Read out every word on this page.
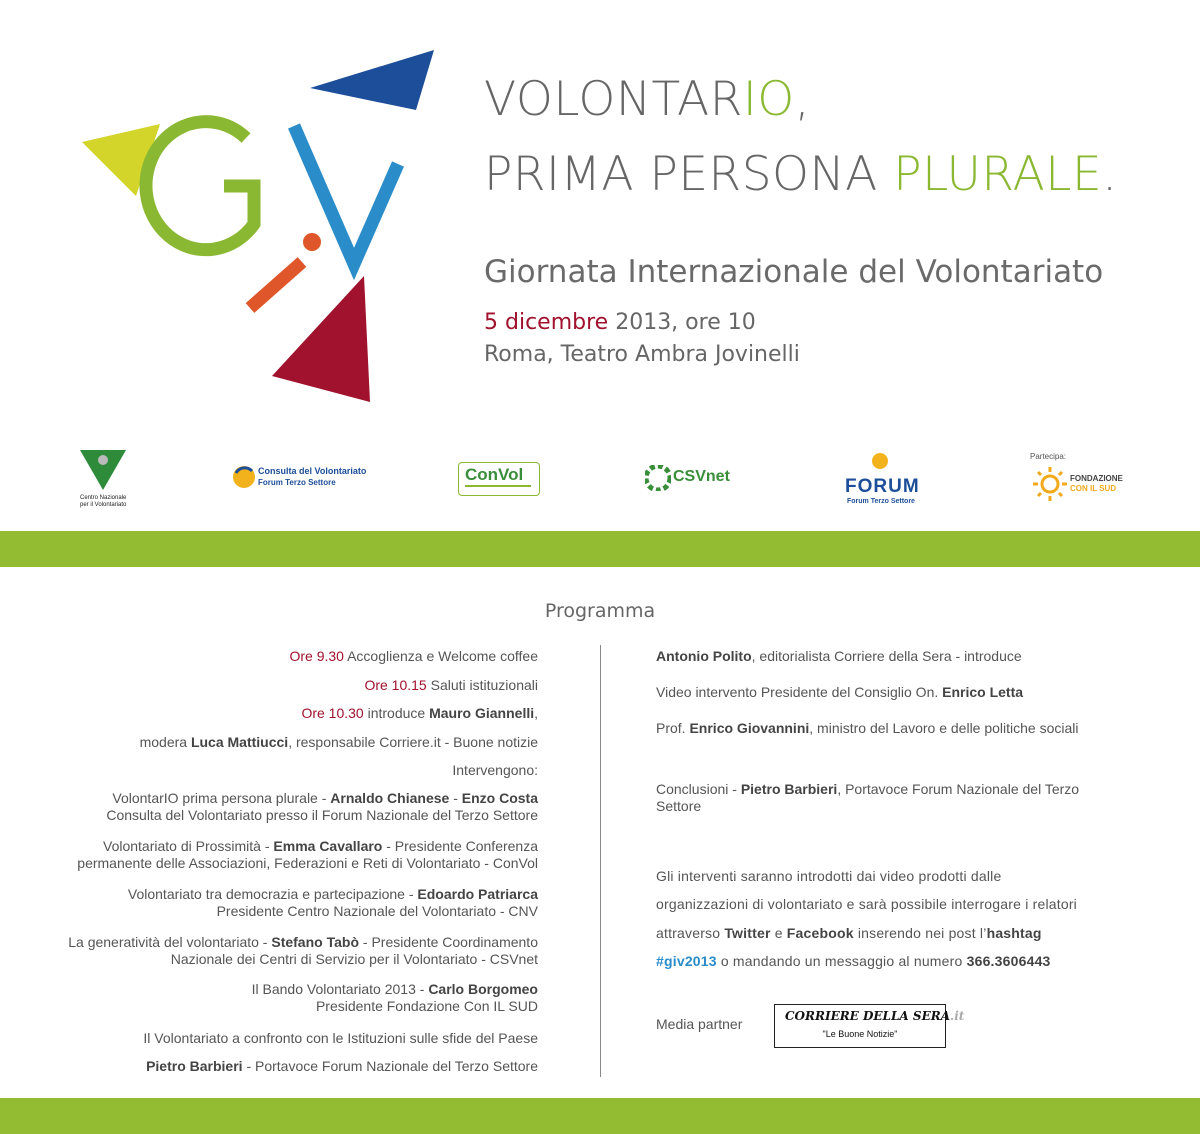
VOLONTARIO,
PRIMA PERSONA PLURALE.
Giornata Internazionale del Volontariato
5 dicembre 2013, ore 10
Roma, Teatro Ambra Jovinelli
Centro Nazionale
per il Volontariato
Consulta del Volontariato
Forum Terzo Settore	ConVol	CSVnet	FORUM
Forum Terzo Settore
Partecipa:
FONDAZIONE
CON IL SUD
Programma
Ore 9.30 Accoglienza e Welcome coffee
Ore 10.15 Saluti istituzionali
Ore 10.30 introduce Mauro Giannelli,
modera Luca Mattiucci, responsabile Corriere.it - Buone notizie
Intervengono:
VolontarIO prima persona plurale - Arnaldo Chianese - Enzo Costa
Consulta del Volontariato presso il Forum Nazionale del Terzo Settore
Volontariato di Prossimità - Emma Cavallaro - Presidente Conferenza
permanente delle Associazioni, Federazioni e Reti di Volontariato - ConVol
Volontariato tra democrazia e partecipazione - Edoardo Patriarca
Presidente Centro Nazionale del Volontariato - CNV
La generatività del volontariato - Stefano Tabò - Presidente Coordinamento
Nazionale dei Centri di Servizio per il Volontariato - CSVnet
Il Bando Volontariato 2013 - Carlo Borgomeo
Presidente Fondazione Con IL SUD
Il Volontariato a confronto con le Istituzioni sulle sfide del Paese
Pietro Barbieri - Portavoce Forum Nazionale del Terzo Settore
Antonio Polito, editorialista Corriere della Sera - introduce
Video intervento Presidente del Consiglio On. Enrico Letta
Prof. Enrico Giovannini, ministro del Lavoro e delle politiche sociali
Conclusioni - Pietro Barbieri, Portavoce Forum Nazionale del Terzo
Settore
Gli interventi saranno introdotti dai video prodotti dalle
organizzazioni di volontariato e sarà possibile interrogare i relatori
attraverso Twitter e Facebook inserendo nei post l’hashtag
#giv2013 o mandando un messaggio al numero 366.3606443
Media partner	CORRIERE DELLA SERA.it
"Le Buone Notizie"
